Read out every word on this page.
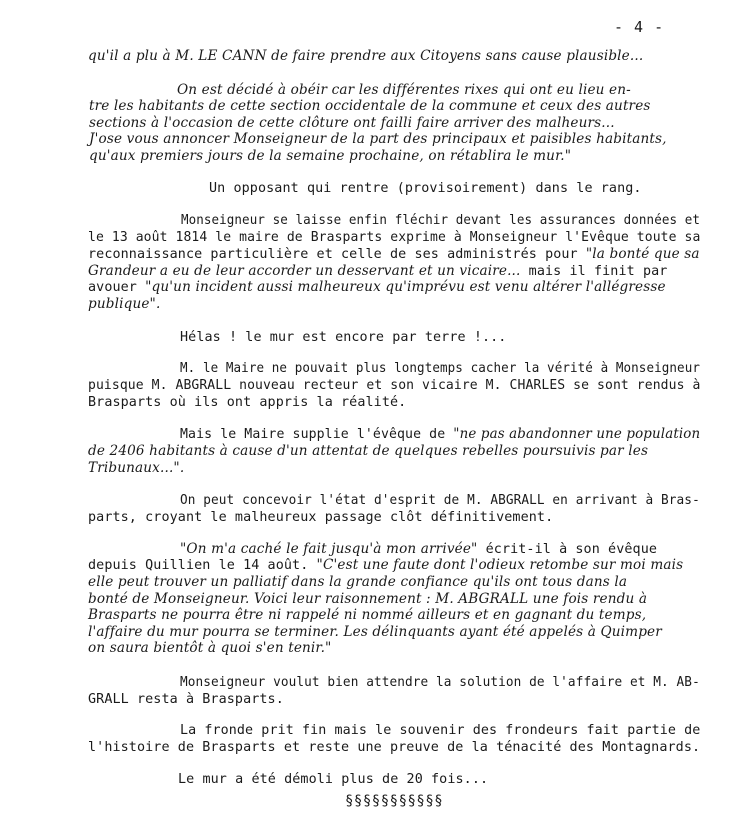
- 4 -
qu'il a plu à M. LE CANN de faire prendre aux Citoyens sans cause plausible...
On est décidé à obéir car les différentes rixes qui ont eu lieu en-
tre les habitants de cette section occidentale de la commune et ceux des autres
sections à l'occasion de cette clôture ont failli faire arriver des malheurs...
J'ose vous annoncer Monseigneur de la part des principaux et paisibles habitants,
qu'aux premiers jours de la semaine prochaine, on rétablira le mur."
Un opposant qui rentre (provisoirement) dans le rang.
Monseigneur se laisse enfin fléchir devant les assurances données et
le 13 août 1814 le maire de Brasparts exprime à Monseigneur l'Evêque toute sa
reconnaissance particulière et celle de ses administrés pour "la bonté que sa
Grandeur a eu de leur accorder un desservant et un vicaire... mais il finit par
avouer "qu'un incident aussi malheureux qu'imprévu est venu altérer l'allégresse
publique".
Hélas ! le mur est encore par terre !...
M. le Maire ne pouvait plus longtemps cacher la vérité à Monseigneur
puisque M. ABGRALL nouveau recteur et son vicaire M. CHARLES se sont rendus à
Brasparts où ils ont appris la réalité.
Mais le Maire supplie l'évêque de "ne pas abandonner une population
de 2406 habitants à cause d'un attentat de quelques rebelles poursuivis par les
Tribunaux...".
On peut concevoir l'état d'esprit de M. ABGRALL en arrivant à Bras-
parts, croyant le malheureux passage clôt définitivement.
"On m'a caché le fait jusqu'à mon arrivée" écrit-il à son évêque
depuis Quillien le 14 août. "C'est une faute dont l'odieux retombe sur moi mais
elle peut trouver un palliatif dans la grande confiance qu'ils ont tous dans la
bonté de Monseigneur. Voici leur raisonnement : M. ABGRALL une fois rendu à
Brasparts ne pourra être ni rappelé ni nommé ailleurs et en gagnant du temps,
l'affaire du mur pourra se terminer. Les délinquants ayant été appelés à Quimper
on saura bientôt à quoi s'en tenir."
Monseigneur voulut bien attendre la solution de l'affaire et M. AB-
GRALL resta à Brasparts.
La fronde prit fin mais le souvenir des frondeurs fait partie de
l'histoire de Brasparts et reste une preuve de la ténacité des Montagnards.
Le mur a été démoli plus de 20 fois...
§§§§§§§§§§§
